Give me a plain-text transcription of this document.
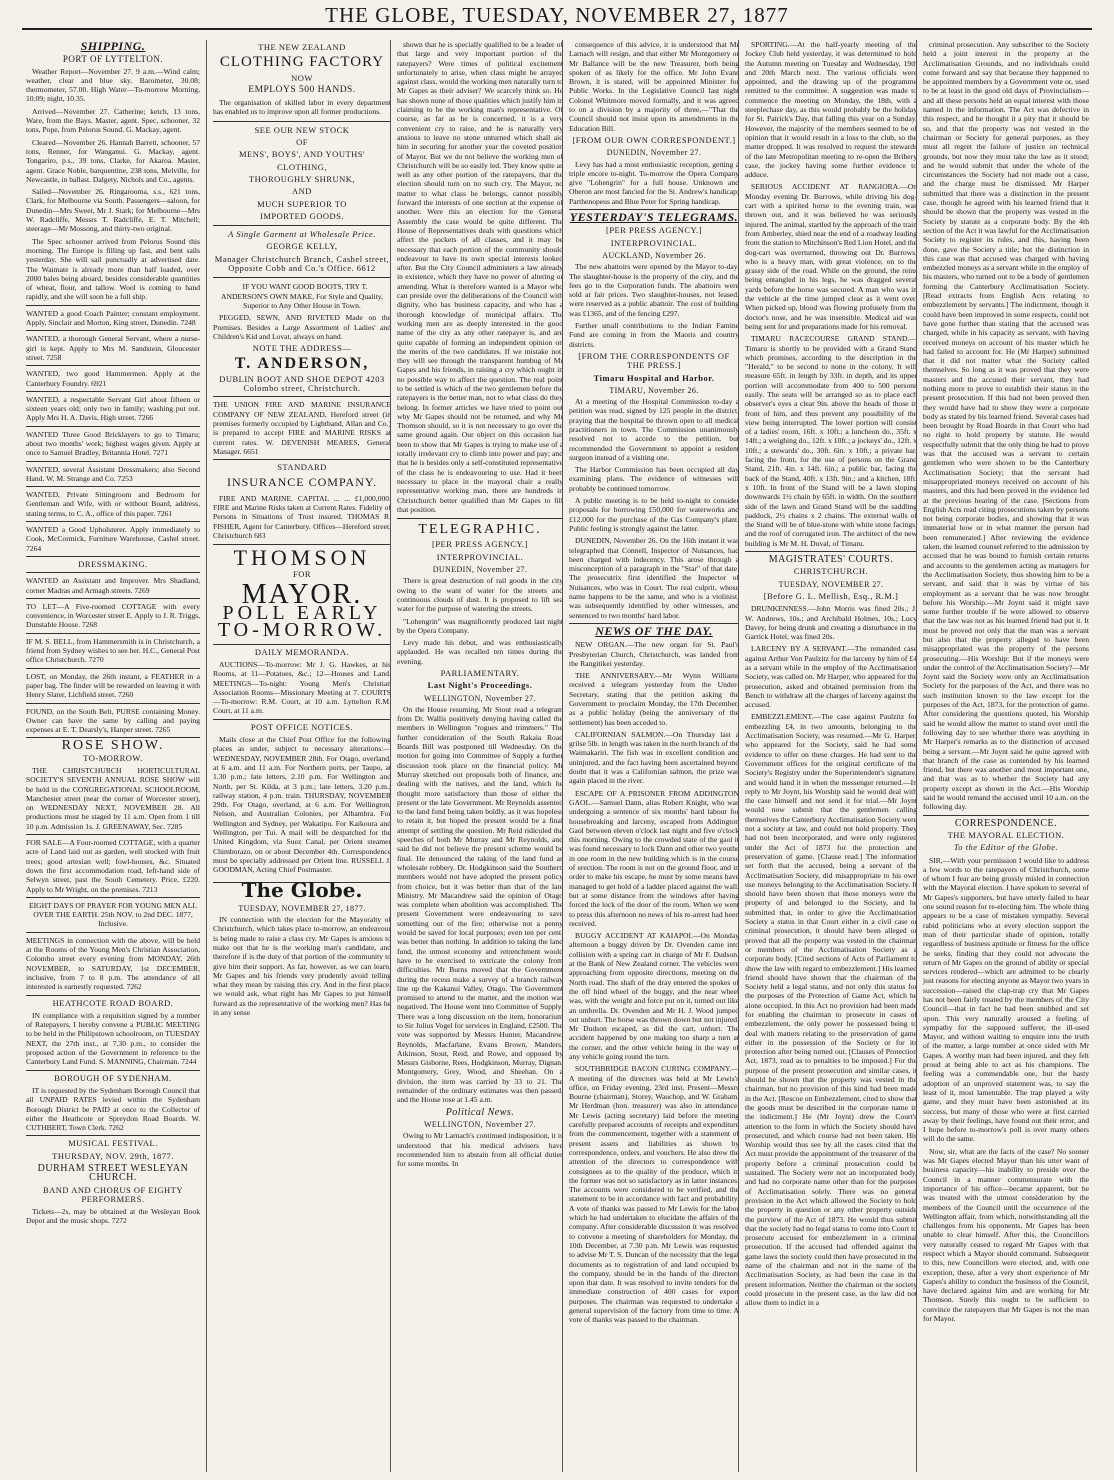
THE GLOBE, TUESDAY, NOVEMBER 27, 1877
SHIPPING.
PORT OF LYTTELTON.

Weather Report—November 27. 9 a.m.—Wind calm; weather, clear and blue sky. Barometer, 30.08; thermometer, 57.00. High Water—To-morrow Morning, 10.09; night, 10.35.

Arrived—November 27. Catherine; ketch, 13 tons, Ware, from the Bays. Master, agent. Spec, schooner, 32 tons, Pope, from Pelorus Sound. G. Mackay, agent.

Cleared—November 26. Hannah Barrett, schooner, 57 tons, Renner, for Wanganui. G. Mackay, agent. Tongariro, p.s., 39 tons, Clarke, for Akaroa. Master, agent. Grace Noble, barquentine, 238 tons, Melville, for Newcastle, in ballast. Dalgety, Nichols and Co., agents.

Sailed—November 26. Ringarooma, s.s., 621 tons, Clark, for Melbourne via South. Passengers—saloon, for Dunedin—Mrs Sweet, Mr J. Stark; for Melbourne—Mrs W. Radcliffe, Messrs T. Radcliffe, E. T. Mitchell; steerage—Mr Mossong, and thirty-two original.

The Spec schooner arrived from Pelorus Sound this morning. The Europe is filling up fast, and bent sails yesterday. She will sail punctually at advertised date. The Waimate is already more than half loaded, over 2000 bales being aboard, besides considerable quantities of wheat, flour, and tallow. Wool is coming to hand rapidly, and she will soon be a full ship.

WANTED a good Coach Painter; constant employment. Apply, Sinclair and Morton, King street, Dunedin. 7248
WANTED, a thorough General Servant, where a nurse-girl is kept. Apply to Mrs M. Sandstein, Gloucester street. 7258
WANTED, two good Hammermen. Apply at the Canterbury Foundry. 6921
WANTED, a respectable Servant Girl about fifteen or sixteen years old; only two in family; washing put out. Apply Mrs H. A. Davis, High street. 7266
WANTED Three Good Bricklayers to go to Timaru; about two months' work; highest wages given. Apply at once to Samuel Bradley, Britannia Hotel. 7271
WANTED, several Assistant Dressmakers; also Second Hand. W. M. Strange and Co. 7253
WANTED, Private Sittingroom and Bedroom for Gentleman and Wife, with or without Board, address, stating terms, to C. A., office of this paper. 7261
WANTED a Good Upholsterer. Apply immediately to Cook, McCormick, Furniture Warehouse, Cashel street. 7264
DRESSMAKING.
WANTED an Assistant and Improver. Mrs Shadland, corner Madras and Armagh streets. 7269
TO LET—A Five-roomed COTTAGE with every convenience, in Worcester street E. Apply to J. R. Triggs, Dunstable House. 7268
IF M. S. BELL, from Hammersmith is in Christchurch, a friend from Sydney wishes to see her. H.C., General Post office Christchurch. 7270
LOST, on Monday, the 26th instant, a FEATHER in a paper bag. The finder will be rewarded on leaving it with Henry Slater, Lichfield street. 7260
FOUND, on the South Belt, PURSE containing Money. Owner can have the same by calling and paying expenses at E. T. Dearsly's, Hanper street. 7265
ROSE SHOW.
TO-MORROW.

THE CHRISTCHURCH HORTICULTURAL SOCIETY'S SEVENTH ANNUAL ROSE SHOW will be held in the CONGREGATIONAL SCHOOLROOM, Manchester street (near the corner of Worcester street), on WEDNESDAY NEXT, NOVEMBER 28. All productions must be staged by 11 a.m. Open from 1 till 10 p.m. Admission 1s. J. GREENAWAY, Sec. 7285

FOR SALE—A Four-roomed COTTAGE, with a quarter acre of Land laid out as garden, well stocked with fruit trees; good artesian well; fowl-houses, &c. Situated down the first accommodation road, left-hand side of Selwyn street, past the South Cemetery. Price, £220. Apply to Mr Wright, on the premises. 7213
EIGHT DAYS OF PRAYER FOR YOUNG MEN ALL OVER THE EARTH. 25th NOV. to 2nd DEC. 1877, Inclusive.
MEETINGS in connection with the above, will be held at the Rooms of the Young Men's Christian Association, Colombo street every evening from MONDAY, 26th NOVEMBER, to SATURDAY, 1st DECEMBER, inclusive, from 7 to 8 p.m. The attendance of all interested is earnestly requested. 7262
HEATHCOTE ROAD BOARD.

IN compliance with a requisition signed by a number of Ratepayers, I hereby convene a PUBLIC MEETING to be held in the Philipstown schoolroom, on TUESDAY NEXT, the 27th inst., at 7.30 p.m., to consider the proposed action of the Government in reference to the Canterbury Land Fund. S. MANNING, Chairman. 7244

BOROUGH OF SYDENHAM.

IT is requested by the Sydenham Borough Council that all UNPAID RATES levied within the Sydenham Borough District be PAID at once to the Collector of either the Heathcote or Spreydon Road Boards. W. CUTHBERT, Town Clerk. 7262

MUSICAL FESTIVAL.
THURSDAY, NOV. 29th, 1877.
DURHAM STREET WESLEYAN CHURCH.
BAND AND CHORUS OF EIGHTY PERFORMERS.

Tickets—2s, may be obtained at the Wesleyan Book Depot and the music shops. 7272

THE NEW ZEALAND
CLOTHING FACTORY
NOW
EMPLOYS 500 HANDS.

The organisation of skilled labor in every department has enabled us to improve upon all former productions.

SEE OUR NEW STOCK
OF
MENS', BOYS', AND YOUTHS'
CLOTHING,
THOROUGHLY SHRUNK,
AND
MUCH SUPERIOR TO
IMPORTED GOODS.
A Single Garment at Wholesale Price.
GEORGE KELLY,
Manager Christchurch Branch, Cashel street, Opposite Cobb and Co.'s Office. 6612

IF YOU WANT GOOD BOOTS, TRY T. ANDERSON'S OWN MAKE, For Style and Quality, Superior to Any Other House in Town.

PEGGED, SEWN, AND RIVETED Made on the Premises. Besides a Large Assortment of Ladies' and Children's Kid and Lovat, always on hand.

NOTE THE ADDRESS—
T. ANDERSON,
DUBLIN BOOT AND SHOE DEPOT 4203 Colombo street, Christchurch.
THE UNION FIRE AND MARINE INSURANCE COMPANY OF NEW ZEALAND, Hereford street (in premises formerly occupied by Lightband, Allan and Co.) is prepared to accept FIRE and MARINE RISKS at current rates. W. DEVENISH MEARES, General Manager. 6651
STANDARD
INSURANCE COMPANY.

FIRE AND MARINE. CAPITAL ... ... £1,000,000. FIRE and Marine Risks taken at Current Rates. Fidelity of Persons in Situations of Trust insured. THOMAS R. FISHER, Agent for Canterbury. Offices—Hereford street, Christchurch 683

THOMSON
FOR
MAYOR.
POLL EARLY
TO-MORROW.
DAILY MEMORANDA.

AUCTIONS—To-morrow: Mr J. G. Hawkes, at his Rooms, at 11—Potatoes, &c.; 12—Houses and Land. MEETINGS—To-night: Young Men's Christian Association Rooms—Missionary Meeting at 7. COURTS—To-morrow: R.M. Court, at 10 a.m. Lyttelton R.M. Court, at 11 a.m.

POST OFFICE NOTICES.

Mails close at the Chief Post Office for the following places as under, subject to necessary alterations:—WEDNESDAY, NOVEMBER 28th. For Otago, overland, at 6 a.m. and 11 a.m. For Northern ports, per Taupo, at 1.30 p.m.; late letters, 2.10 p.m. For Wellington and North, per St. Kilda, at 3 p.m.; late letters, 3.20 p.m.; railway station, 4 p.m. train. THURSDAY, NOVEMBER 29th. For Otago, overland, at 6 a.m. For Wellington, Nelson, and Australian Colonies, per Albambra. For Wellington and Sydney, per Wakatipu. For Kaikoura and Wellington, per Tui. A mail will be despatched for the United Kingdom, via Suez Canal, per Orient steamer Chimborazo, on or about December 4th. Correspondence must be specially addressed per Orient line. RUSSELL J. GOODMAN, Acting Chief Postmaster.

The Globe.
TUESDAY, NOVEMBER 27, 1877.

IN connection with the election for the Mayoralty of Christchurch, which takes place to-morrow, an endeavour is being made to raise a class cry. Mr Gapes is anxious to make out that he is the working man's candidate, and therefore if is the duty of that portion of the community to give him their support. As far, however, as we can learn, Mr Gapes and his friends very prudently avoid telling what they mean by raising this cry. And in the first place, we would ask, what right has Mr Gapes to put himself forward as the representative of the working men? Has he in any sense

shown that he is specially qualified to be a leader of that large and very important portion of the ratepayers? Were times of political excitement unfortunately to arise, when class might be arrayed against class, would the working men naturally turn to Mr Gapes as their adviser? We scarcely think so. He has shown none of those qualities which justify him in claiming to be the working man's representative. Of course, as far as he is concerned, it is a very convenient cry to raise, and he is naturally very anxious to leave no stone unturned which shall aid him in securing for another year the coveted position of Mayor. But we do not believe the working men of Christchurch will be so easily led. They know quite as well as any other portion of the ratepayers, that the election should turn on no such cry. The Mayor, no matter to what class he belongs, cannot possibly forward the interests of one section at the expense of another. Were this an election for the General Assembly the case would be quite different. The House of Representatives deals with questions which affect the pockets of all classes, and it may be necessary that each portion of the community should endeavour to have its own special interests looked after. But the City Council administers a law already in existence, which they have no power of altering or amending. What is therefore wanted is a Mayor who can preside over the deliberations of the Council with dignity, who has business capacity, and who has a thorough knowledge of municipal affairs. The working men are as deeply interested in the good name of the city as any other ratepayer is, and are quite capable of forming an independent opinion on the merits of the two candidates. If we mistake not, they will see through the transparent humbug of Mr Gapes and his friends, in raising a cry which ought in no possible way to affect the question. The real point to be settled is which of the two gentlemen before the ratepayers is the better man, not to what class do they belong. In former articles we have tried to point out why Mr Gapes should not be returned, and why Mr Thomson should, so it is not necessary to go over the same ground again. Our object on this occasion has been to show that Mr Gapes is trying to make use of a totally irrelevant cry to climb into power and pay; and that he is besides only a self-constituted representative of the class he is endeavouring to use. Had it been necessary to place in the mayoral chair a really representative working man, there are hundreds in Christchurch better qualified than Mr Gapes to fill that position.

TELEGRAPHIC.
[PER PRESS AGENCY.]
INTERPROVINCIAL.
DUNEDIN, November 27.

There is great destruction of rail goods in the city owing to the want of water for the streets and continuous clouds of dust. It is proposed to lift sea water for the purpose of watering the streets.

"Lohengrin" was magnificently produced last night by the Opera Company.

Levy made his debut, and was enthusiastically applauded. He was recalled ten times during the evening.

PARLIAMENTARY.
Last Night's Proceedings.
WELLINGTON, November 27.

On the House resuming, Mr Stout read a telegram from Dr. Wallis positively denying having called the members in Wellington "rogues and trimmers." The further consideration of the South Rakaia Road Boards Bill was postponed till Wednesday. On the motion for going into Committee of Supply a further discussion took place on the financial policy. Mr Murray sketched out proposals both of finance, and dealing with the natives, and the land, which he thought more satisfactory than those of either the present or the late Government. Mr Reynolds assented to the land fund being taken boldly, as it was hopeless to retain it, but hoped the present would be a final attempt of settling the question. Mr Reid ridiculed the speeches of both Mr Murray and Mr Reynolds, and said he did not believe the present scheme would be final. He denounced the taking of the land fund as wholesale robbery. Dr. Hodgkinson said the Southern members would not have adopted the present policy from choice, but it was better than that of the late Ministry. Mr Macandrew said the opinion of Otago was complete when abolition was accomplished. The present Government were endeavouring to save something out of the fire; otherwise not a penny would be saved for local purposes; even ten per cent. was better than nothing. In addition to taking the land fund, the utmost economy and retrenchment would have to be exercised to extricate the colony from difficulties. Mr Burns moved that the Government during the recess make a survey of a branch railway line up the Kakanui Valley, Otago. The Government promised to attend to the matter, and the motion was negatived. The House went into Committee of Supply. There was a long discussion on the item, honorarium to Sir Julius Vogel for services in England, £2500. The vote was supported by Messrs Hunter, Macandrew, Reynolds, Macfarlane, Evans Brown, Manders, Atkinson, Stout, Reid, and Rowe, and opposed by Messrs Gisborne, Rees, Hodgkinson, Murray, Dignan, Montgomery, Grey, Wood, and Sheehan. On a division, the item was carried by 33 to 21. The remainder of the ordinary estimates was then passed, and the House rose at 1.45 a.m.

Political News.
WELLINGTON, November 27.

Owing to Mr Larnach's continued indisposition, it is understood that his medical advisers have recommended him to abstain from all official duties for some months. In

consequence of this advice, it is understood that Mr Larnach will resign, and that either Mr Montgomery or Mr Ballance will be the new Treasurer, both being spoken of as likely for the office. Mr John Evans Brown, it is stated, will be appointed Minister for Public Works. In the Legislative Council last night Colonel Whitmore moved formally, and it was agreed to on a division by a majority of three,—"That the Council should not insist upon its amendments in the Education Bill.

[FROM OUR OWN CORRESPONDENT.]
DUNEDIN, November 27.

Levy has had a most enthusiastic reception, getting a triple encore to-night. To-morrow the Opera Company give "Lohengrin" for a full house. Unknown and Oberon are most fancied for the St. Andrew's handicap; Parthenopeus and Blue Peter for Spring handicap.

YESTERDAY'S TELEGRAMS.
[PER PRESS AGENCY.]
INTERPROVINCIAL.
AUCKLAND, November 26.

The new abattoirs were opened by the Mayor to-day. The slaughter-house is the property of the city, and the fees go to the Corporation funds. The abattoirs were sold at fair prices. Two slaughter-houses, not leased, were reserved as a public abattoir. The cost of building was £1365, and of the fencing £297.

Further small contributions to the Indian Famine Fund are coming in from the Maoris and country districts.

[FROM THE CORRESPONDENTS OF THE PRESS.]
Timaru Hospital and Harbor.
TIMARU, November 26.

At a meeting of the Hospital Commission to-day a petition was read, signed by 125 people in the district, praying that the hospital be thrown open to all medical practitioners in town. The Commission unanimously resolved not to accede to the petition, but recommended the Government to appoint a resident surgeon instead of a visiting one.

The Harbor Commission has been occupied all day examining plans. The evidence of witnesses will probably be continued tomorrow.

A public meeting is to be held to-night to consider proposals for borrowing £50,000 for waterworks and £12,000 for the purchase of the Gas Company's plant. Public feeling is strongly against the latter.

DUNEDIN, November 26. On the 16th instant it was telegraphed that Connell, Inspector of Nuisances, had been charged with indecency. This arose through a misconception of a paragraph in the "Star" of that date. The prosecutrix first identified the Inspector of Nuisances, who was in Court. The real culprit, whose name happens to be the same, and who is a violinist, was subsequently identified by other witnesses, and sentenced to two months' hard labor.

NEWS OF THE DAY.

NEW ORGAN.—The new organ for St. Paul's Presbyterian Church, Christchurch, was landed from the Rangitikei yesterday.

THE ANNIVERSARY.—Mr Wynn Williams received a telegram yesterday from the Under-Secretary, stating that the petition asking the Government to proclaim Monday, the 17th December, as a public holiday (being the anniversary of the settlement) has been acceded to.

CALIFORNIAN SALMON.—On Thursday last a grilse 5lb. in length was taken in the north branch of the Waimakariri. The fish was in excellent condition and uninjured, and the fact having been ascertained beyond doubt that it was a Californian salmon, the prize was again placed in the river.

ESCAPE OF A PRISONER FROM ADDINGTON GAOL.—Samuel Dann, alias Robert Knight, who was undergoing a sentence of six months' hard labour for housebreaking and larceny, escaped from Addington Gaol between eleven o'clock last night and five o'clock this morning. Owing to the crowded state of the gaol it was found necessary to lock Dann and other two youths in one room in the new building which is in the course of erection. The room is not on the ground floor, and in order to make his escape, he must by some means have managed to get hold of a ladder placed against the wall, but at some distance from the windows after having forced the lock of the door of the room. When we went to press this afternoon no news of his re-arrest had been received.

BUGGY ACCIDENT AT KAIAPOI.—On Monday afternoon a buggy driven by Dr. Ovenden came into collision with a spring cart in charge of Mr F. Dudson, at the Bank of New Zealand corner. The vehicles were approaching from opposite directions, meeting on the North road. The shaft of the dray entered the spokes of the off hind wheel of the buggy, and the near wheel was, with the weight and force put on it, turned out like an umbrella. Dr. Ovenden and Mr H. J. Wood jumped out unhurt. The horse was thrown down but not injured. Mr Dudson escaped, as did the cart, unhurt. The accident happened by one making too sharp a turn at the corner, and the other vehicle being in the way of any vehicle going round the turn.

SOUTHBRIDGE BACON CURING COMPANY.—A meeting of the directors was held at Mr Lewis's office, on Friday evening, 23rd inst. Present—Messrs Bourne (chairman), Storey, Wauchop, and W. Graham. Mr Herdman (hon. treasurer) was also in attendance. Mr Lewis (acting secretary) laid before the meeting carefully prepared accounts of receipts and expenditure from the commencement, together with a statement of present assets and liabilities as shown by correspondence, orders, and vouchers. He also drew the attention of the directors to correspondence with consignees as to the quality of the produce, which in the former was not so satisfactory as in latter instances. The accounts were considered to be verified, and the statement to be in accordance with fact and probability. A vote of thanks was passed to Mr Lewis for the labor which he had undertaken to elucidate the affairs of the company. After considerable discussion it was resolved to convene a meeting of shareholders for Monday, the 10th December, at 7.30 p.m. Mr Lewis was requested to advise Mr T. S. Duncan of the necessity that the legal documents as to registration of and land occupied by the company, should be in the hands of the directors upon that date. It was resolved to invite tenders for the immediate construction of 400 cases for export purposes. The chairman was requested to undertake a general supervision of the factory from time to time. A vote of thanks was passed to the chairman.

SPORTING.—At the half-yearly meeting of the Jockey Club held yesterday, it was determined to hold the Autumn meeting on Tuesday and Wednesday, 19th and 20th March next. The various officials were appointed, and the drawing up of the programme remitted to the committee. A suggestion was made to commence the meeting on Monday, the 18th, with a steeplechase day, as this would probably be the holiday for St. Patrick's Day, that falling this year on a Sunday. However, the majority of the members seemed to be of opinion that it would result in a loss to the club, so the matter dropped. It was resolved to request the stewards of the late Metropolitan meeting to re-open the Bribery case, the jockey having some further evidence to adduce.

SERIOUS ACCIDENT AT RANGIORA.—On Monday evening Dr. Burrows, while driving his dog-cart with a spirited horse to the evening train, was thrown out, and it was believed he was seriously injured. The animal, startled by the approach of the train from Amberley, shied near the end of a roadway leading from the station to Mitchinson's Red Lion Hotel, and the dog-cart was overturned, throwing out Dr. Burrows, who is a heavy man, with great violence, on to the grassy side of the road. While on the ground, the reins being entangled in his legs, he was dragged several yards before the horse was secured. A man who was in the vehicle at the time jumped clear as it went over. When picked up, blood was flowing profusely from the doctor's nose, and he was insensible. Medical aid was being sent for and preparations made for his removal.

TIMARU RACECOURSE GRAND STAND.—Timaru is shortly to be provided with a Grand Stand which promises, according to the description in the "Herald," to be second to none in the colony. It will measure 65ft. in length by 33ft. in depth, and its upper portion will accommodate from 400 to 500 persons easily. The seats will be arranged so as to place each observer's eyes a clear 9in. above the heads of those in front of him, and thus prevent any possibility of the view being interrupted. The lower portion will consist of a ladies' room, 16ft. x 10ft.; a luncheon do., 35ft. x 14ft.; a weighing do., 12ft. x 10ft.; a jockeys' do., 12ft. x 10ft.; a stewards' do., 30ft. 6in. x 10ft.; a private bar, facing the front, for the use of persons on the Grand Stand, 21ft. 4in. x 14ft. 6in.; a public bar, facing the back of the Stand, 40ft. x 13ft. 9in.; and a kitchen, 18ft. x 10ft. In front of the Stand will be a lawn sloping downwards 1½ chain by 65ft. in width. On the southern side of the lawn and Grand Stand will be the saddling paddock, 2½ chains x 2 chains. The external walls of the Stand will be of blue-stone with white stone facings, and the roof of corrugated iron. The architect of the new building is Mr M. H. Duval, of Timaru.

MAGISTRATES' COURTS.
CHRISTCHURCH.
TUESDAY, NOVEMBER 27.
[Before G. L. Mellish, Esq., R.M.]

DRUNKENNESS.—John Morris was fined 20s.; J. W. Andrews, 10s.; and Archibald Holmes, 10s.; Lucy Davey, for being drunk and creating a disturbance in the Garrick Hotel, was fined 20s.

LARCENY BY A SERVANT.—The remanded case against Arthur Von Paulzitz for the larceny by him of £4 as a servant while in the employ of the Acclimatisation Society, was called on. Mr Harper, who appeared for the prosecution, asked and obtained permission from the Bench to withdraw all the charges of larceny against the accused.

EMBEZZLEMENT.—The case against Paulzitz for embezzling £4, in two amounts, belonging to the Acclimatisation Society, was resumed.—Mr G. Harper, who appeared for the Society, said he had some evidence to offer on these charges. He had sent to the Government offices for the original certificate of the Society's Registry under the Superintendent's signature, and would hand it in when the messenger returned.—In reply to Mr Joynt, his Worship said he would deal with the case himself and not send it for trial.—Mr Joynt would now submit that the gentlemen calling themselves the Canterbury Acclimatisation Society were not a society at law, and could not hold property. They had not been incorporated, and were only registered under the Act of 1873 for the protection and preservation of game. [Clause read.] The information set forth that the accused, being a servant of the Acclimatisation Society, did misappropriate to his own use moneys belonging to the Acclimatisation Society. It should have been shown that these moneys were the property of and belonged to the Society, and he submitted that, in order to give the Acclimatisation Society a status in that Court either in a civil case or criminal prosecution, it should have been alleged or proved that all the property was vested in the chairman or members of the Acclimatisation Society as a corporate body. [Cited sections of Acts of Parliament to show the law with regard to embezzlement.] His learned friend should have shown that the chairman of the Society held a legal status, and not only this status for the purposes of the Protection of Game Act, which he alone occupied. In this Act no provision had been made for enabling the chairman to prosecute in cases of embezzlement, the only power he possessed being to deal with matters relating to the preservation of game either in the possession of the Society or for its protection after being turned out. [Clauses of Protection Act, 1873, read as to penalties to be imposed.] For the purpose of the present prosecution and similar cases, it should be shown that the property was vested in the chairman, but no provision of this kind had been made in the Act. [Rescoe on Embezzlement, cited to show that the goods must be described in the corporate name in the indictment.] He (Mr Joynt) drew the Court's attention to the form in which the Society should have prosecuted, and which course had not been taken. His Worship would thus see by all the cases cited that the Act must provide the appointment of the treasurer of the property before a criminal prosecution could be sustained. The Society were not an incorporated body, and had no corporate name other than for the purposes of Acclimatisation solely. There was no general provision in the Act which allowed the Society to hold the property in question or any other property outside the purview of the Act of 1873. He would thus submit that the society had no legal status to come into Court to prosecute accused for embezzlement in a criminal prosecution. If the accused had offended against the game laws the society could then have prosecuted in the name of the chairman and not in the name of the Acclimatisation Society, as had been the case in the present information. Neither the chairman or the society could prosecute in the present case, as the law did not allow them to indict in a

criminal prosecution. Any subscriber to the Society held a joint interest in the property at the Acclimatisation Grounds, and no individuals could come forward and say that because they happened to be appointed members by a Government vote or, used to be at least in the good old days of Provincialism—and all these persons held an equal interest with those named in the information. The Act was defective in this respect, and he thought it a pity that it should be so, and that the property was not vested in the chairman or Society for general purposes, as they must all regret the failure of justice on technical grounds, but now they must take the law as it stood; and he would submit that under the whole of the circumstances the Society had not made out a case, and the charge must be dismissed. Mr Harper submitted that there was a distinction in the present case, though he agreed with his learned friend that it should be shown that the property was vested in the Society by statute as a corporate body. By the 4th section of the Act it was lawful for the Acclimatisation Society to register its rules, and this, having been done, gave the Society a title; but the distinction in this case was that accused was charged with having embezzled moneys as a servant while in the employ of his masters, who turned out to be a body of gentlemen forming the Canterbury Acclimatisation Society. [Read extracts from English Acts relating to embezzlement by servants.] The indictment, though it could have been improved in some respects, could not have gone further than stating that the accused was charged, while in his capacity as servant, with having received moneys on account of his master which he had failed to account for. He (Mr Harper) submitted that it did not matter what the Society called themselves. So long as it was proved that they were masters and the accused their servant, they had nothing more to prove to establish their status in the present prosecution. If this had not been proved then they would have had to show they were a corporate body as stated by his learned friend. Several cases had been brought by Road Boards in that Court who had no right to hold property by statute. He would respectfully submit that the only thing he had to prove was that the accused was a servant to certain gentlemen who were shown to be the Canterbury Acclimatisation Society; that the servant had misappropriated moneys received on account of his masters, and this had been proved in the evidence led at the previous hearing of the case. [Sections from English Acts read citing prosecutions taken by persons not being corporate bodies, and showing that it was immaterial how or in what manner the person had been remunerated.] After reviewing the evidence taken, the learned counsel referred to the admission by accused that he was bound to furnish certain returns and accounts to the gentlemen acting as managers for the Acclimatisation Society, thus showing him to be a servant, and said that it was by virtue of his employment as a servant that he was now brought before his Worship.—Mr Joynt said it might save some further trouble if he were allowed to observe that the law was not as his learned friend had put it. It must be proved not only that the man was a servant but also that the property alleged to have been misappropriated was the property of the persons prosecuting.—His Worship: But if the moneys were under the control of the Acclimatisation Society?—Mr Joynt said the Society were only an Acclimatisation Society for the purposes of the Act, and there was no such institution known to the law except for the purposes of the Act, 1873, for the protection of game. After considering the questions quoted, his Worship said he would allow the matter to stand over until the following day to see whether there was anything in Mr Harper's remarks as to the distinction of accused being a servant.—Mr Joynt said he quite agreed with that branch of the case as contended by his learned friend, but there was another and most important one, and that was as to whether the Society had any property except as shown in the Act.—His Worship said he would remand the accused until 10 a.m. on the following day.

CORRESPONDENCE.
THE MAYORAL ELECTION.
To the Editor of the Globe.

SIR,—With your permission I would like to address a few words to the ratepayers of Christchurch, some of whom I fear are being grossly misled in connection with the Mayoral election. I have spoken to several of Mr Gapes's supporters, but have utterly failed to hear one sound reason for re-electing him. The whole thing appears to be a case of mistaken sympathy. Several rabid politicians who at every election support the man of their particular shade of opinion, totally regardless of business aptitude or fitness for the office he seeks, finding that they could not advocate the return of Mr Gapes on the ground of ability or special services rendered—which are admitted to be clearly just reasons for electing anyone as Mayor two years in succession—raised the clap-trap cry that Mr Gapes has not been fairly treated by the members of the City Council—that in fact he had been snubbed and set upon. This very naturally aroused a feeling of sympathy for the supposed sufferer, the ill-used Mayor, and without waiting to enquire into the truth of the matter, a large number at once sided with Mr Gapes. A worthy man had been injured, and they felt proud at being able to act as his champions. The feeling was a commendable one, but the hasty adoption of an unproved statement was, to say the least of it, most lamentable. The trap played a wily game, and they must have been astonished at its success, but many of those who were at first carried away by their feelings, have found out their error, and I hope before to-morrow's poll is over many others will do the same.

Now, sir, what are the facts of the case? No sooner was Mr Gapes elected Mayor than his utter want of business capacity—his inability to preside over the Council in a manner commensurate with the importance of his office—became apparent, but he was treated with the utmost consideration by the members of the Council until the occurrence of the Wellington affair, from which, notwithstanding all the challenges from his opponents, Mr Gapes has been unable to clear himself. After this, the Councillors very naturally ceased to regard Mr Gapes with that respect which a Mayor should command. Subsequent to this, new Councillors were elected, and, with one exception, these, after a very short experience of Mr Gapes's ability to conduct the business of the Council, have declared against him and are working for Mr Thomson. Surely this ought to be sufficient to convince the ratepayers that Mr Gapes is not the man for Mayor.
